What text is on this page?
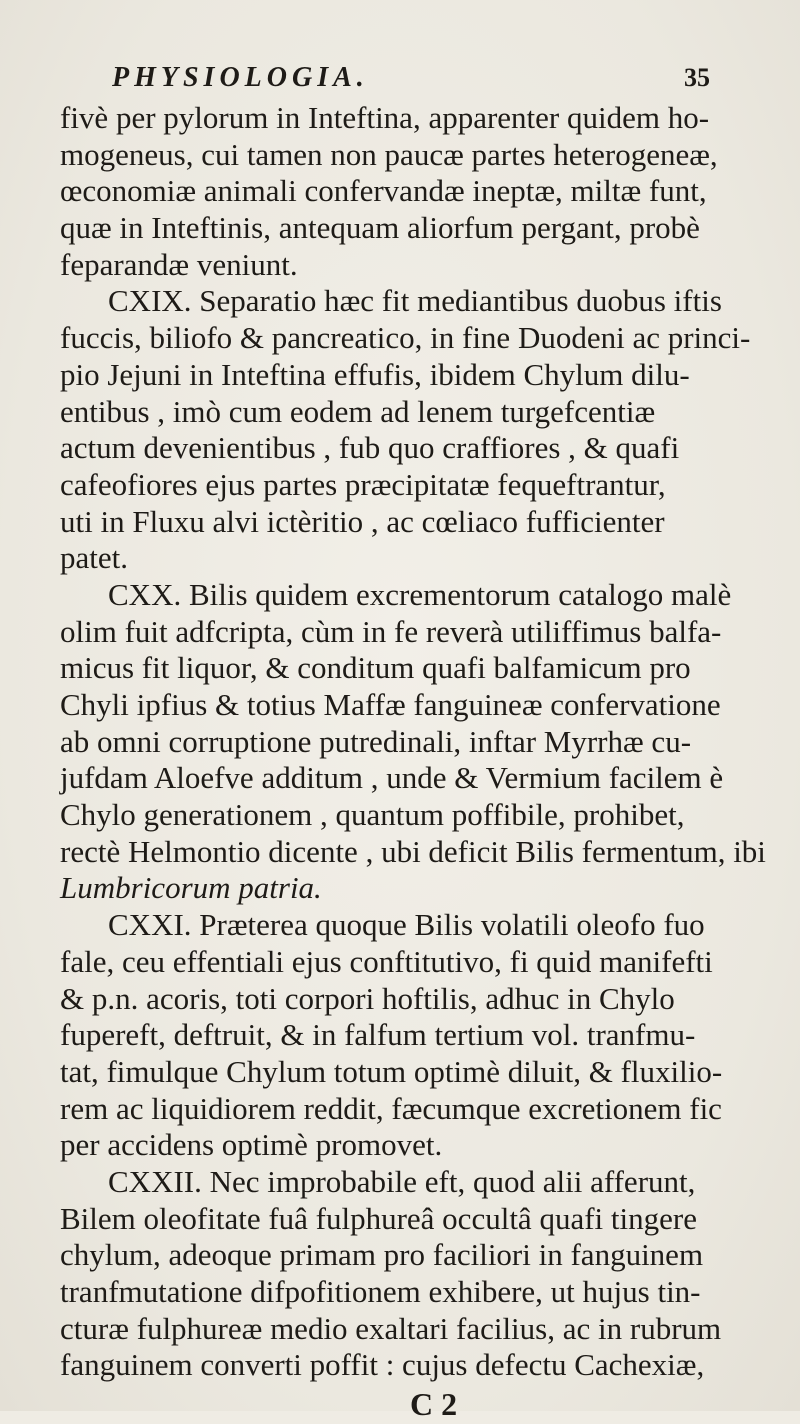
PHYSIOLOGIA.	35
fivè per pylorum in Inteftina, apparenter quidem ho-
mogeneus, cui tamen non paucæ partes heterogeneæ,
œconomiæ animali confervandæ ineptæ, miltæ funt,
quæ in Inteftinis, antequam aliorfum pergant, probè
feparandæ veniunt.
CXIX. Separatio hæc fit mediantibus duobus iftis
fuccis, biliofo & pancreatico, in fine Duodeni ac princi-
pio Jejuni in Inteftina effufis, ibidem Chylum dilu-
entibus , imò cum eodem ad lenem turgefcentiæ
actum devenientibus , fub quo craffiores , & quafi
cafeofiores ejus partes præcipitatæ fequeftrantur,
uti in Fluxu alvi ictèritio , ac cœliaco fufficienter
patet.
CXX. Bilis quidem excrementorum catalogo malè
olim fuit adfcripta, cùm in fe reverà utiliffimus balfa-
micus fit liquor, & conditum quafi balfamicum pro
Chyli ipfius & totius Maffæ fanguineæ confervatione
ab omni corruptione putredinali, inftar Myrrhæ cu-
jufdam Aloefve additum , unde & Vermium facilem è
Chylo generationem , quantum poffibile, prohibet,
rectè Helmontio dicente , ubi deficit Bilis fermentum, ibi
Lumbricorum patria.
CXXI. Præterea quoque Bilis volatili oleofo fuo
fale, ceu effentiali ejus conftitutivo, fi quid manifefti
& p.n. acoris, toti corpori hoftilis, adhuc in Chylo
fupereft, deftruit, & in falfum tertium vol. tranfmu-
tat, fimulque Chylum totum optimè diluit, & fluxilio-
rem ac liquidiorem reddit, fæcumque excretionem fic
per accidens optimè promovet.
CXXII. Nec improbabile eft, quod alii afferunt,
Bilem oleofitate fuâ fulphureâ occultâ quafi tingere
chylum, adeoque primam pro faciliori in fanguinem
tranfmutatione difpofitionem exhibere, ut hujus tin-
cturæ fulphureæ medio exaltari facilius, ac in rubrum
fanguinem converti poffit : cujus defectu Cachexiæ,
C 2
